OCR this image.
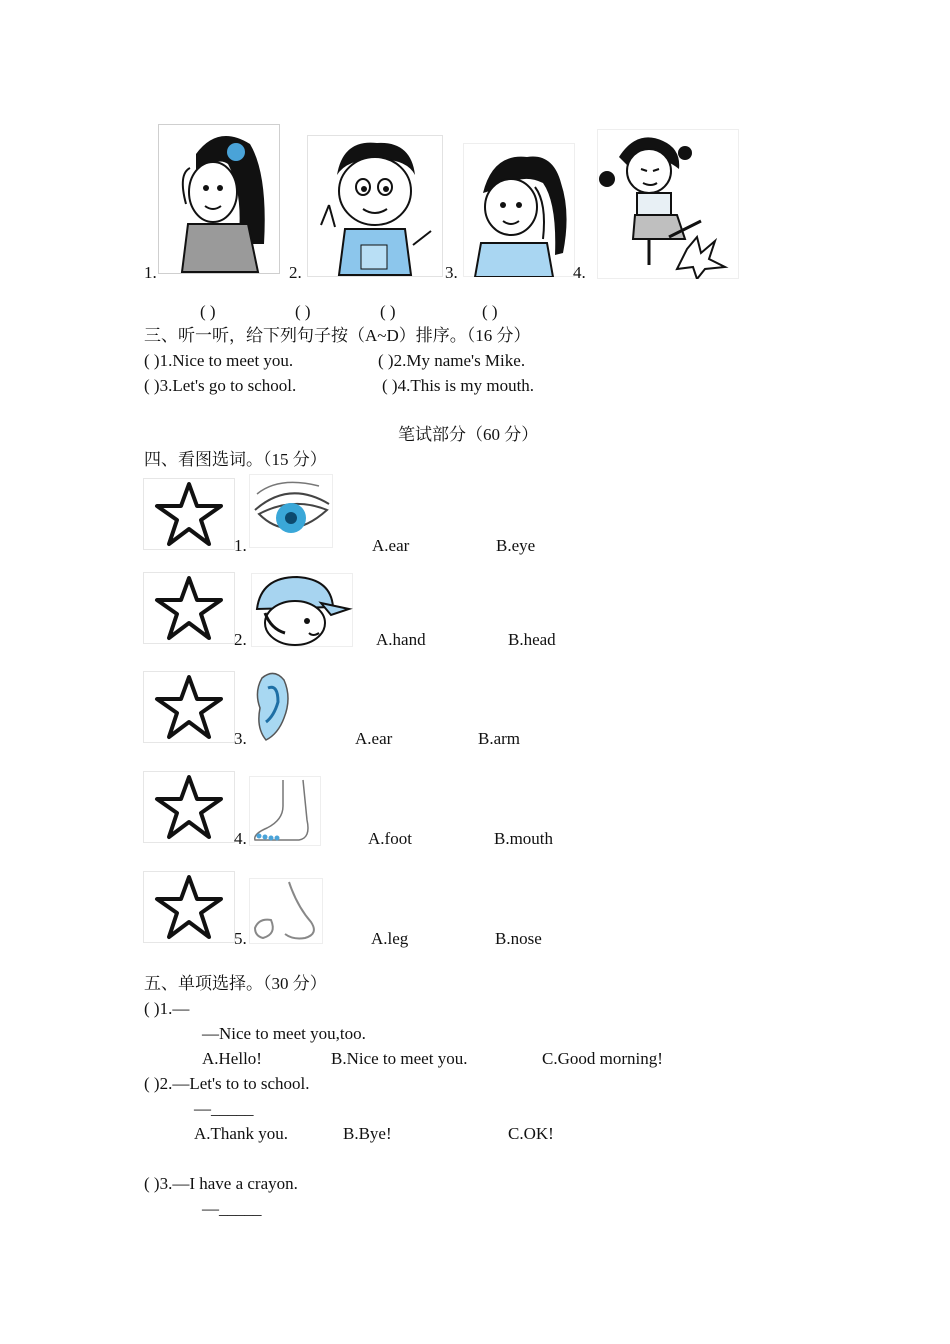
1.	2.	3.	4.
( )	( )	( )	( )
三、听一听，给下列句子按（A~D）排序。（16 分）
( )1.Nice to meet you.	( )2.My name's Mike.
( )3.Let's go to school.	( )4.This is my mouth.
笔试部分（60 分）
四、看图选词。（15 分）
1.	A.ear	B.eye
2.	A.hand	B.head
3.	A.ear	B.arm
4.	A.foot	B.mouth
5.	A.leg	B.nose
五、单项选择。（30 分）
( )1.—
—Nice to meet you,too.
A.Hello!	B.Nice to meet you.	C.Good morning!
( )2.—Let's to to school.
—_____
A.Thank you.	B.Bye!	C.OK!
( )3.—I have a crayon.
—_____
